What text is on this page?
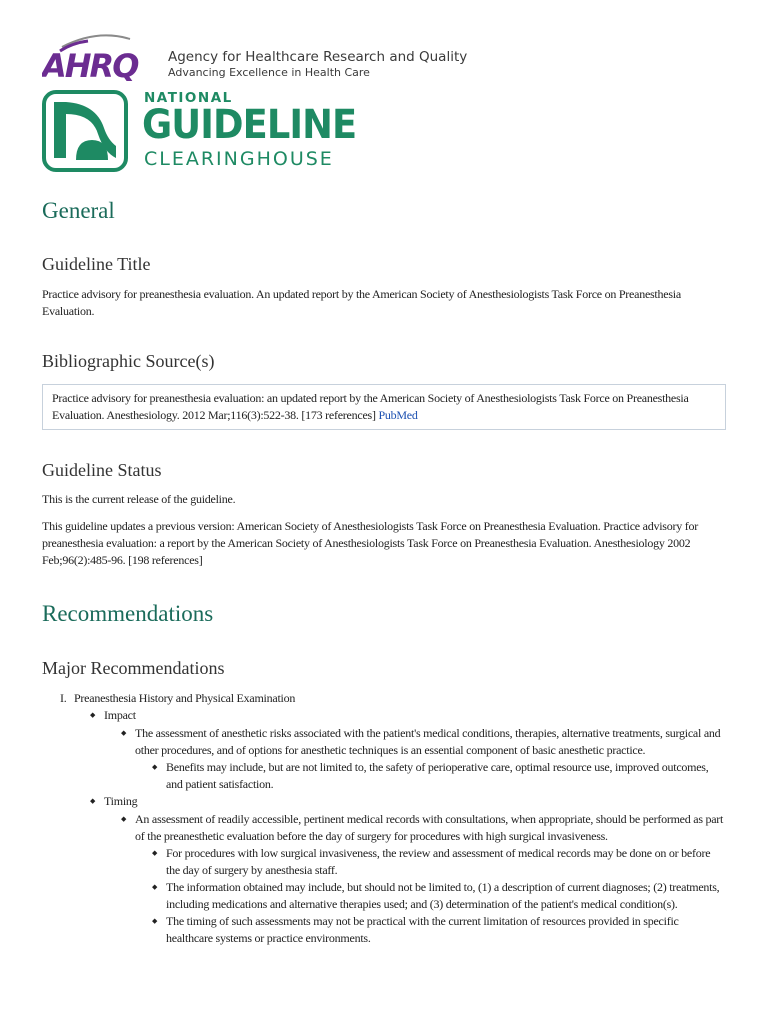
AHRQ Agency for Healthcare Research and Quality
Advancing Excellence in Health Care
NATIONAL
GUIDELINE
CLEARINGHOUSE
General
Guideline Title

Practice advisory for preanesthesia evaluation. An updated report by the American Society of Anesthesiologists Task Force on Preanesthesia Evaluation.

Bibliographic Source(s)

Practice advisory for preanesthesia evaluation: an updated report by the American Society of Anesthesiologists Task Force on Preanesthesia Evaluation. Anesthesiology. 2012 Mar;116(3):522-38. [173 references] PubMed

Guideline Status

This is the current release of the guideline.

This guideline updates a previous version: American Society of Anesthesiologists Task Force on Preanesthesia Evaluation. Practice advisory for preanesthesia evaluation: a report by the American Society of Anesthesiologists Task Force on Preanesthesia Evaluation. Anesthesiology 2002 Feb;96(2):485-96. [198 references]

Recommendations
Major Recommendations
I. Preanesthesia History and Physical Examination
◆ Impact
◆ The assessment of anesthetic risks associated with the patient's medical conditions, therapies, alternative treatments, surgical and other procedures, and of options for anesthetic techniques is an essential component of basic anesthetic practice.
◆ Benefits may include, but are not limited to, the safety of perioperative care, optimal resource use, improved outcomes, and patient satisfaction.
◆ Timing
◆ An assessment of readily accessible, pertinent medical records with consultations, when appropriate, should be performed as part of the preanesthetic evaluation before the day of surgery for procedures with high surgical invasiveness.
◆ For procedures with low surgical invasiveness, the review and assessment of medical records may be done on or before the day of surgery by anesthesia staff.
◆ The information obtained may include, but should not be limited to, (1) a description of current diagnoses; (2) treatments, including medications and alternative therapies used; and (3) determination of the patient's medical condition(s).
◆ The timing of such assessments may not be practical with the current limitation of resources provided in specific healthcare systems or practice environments.
